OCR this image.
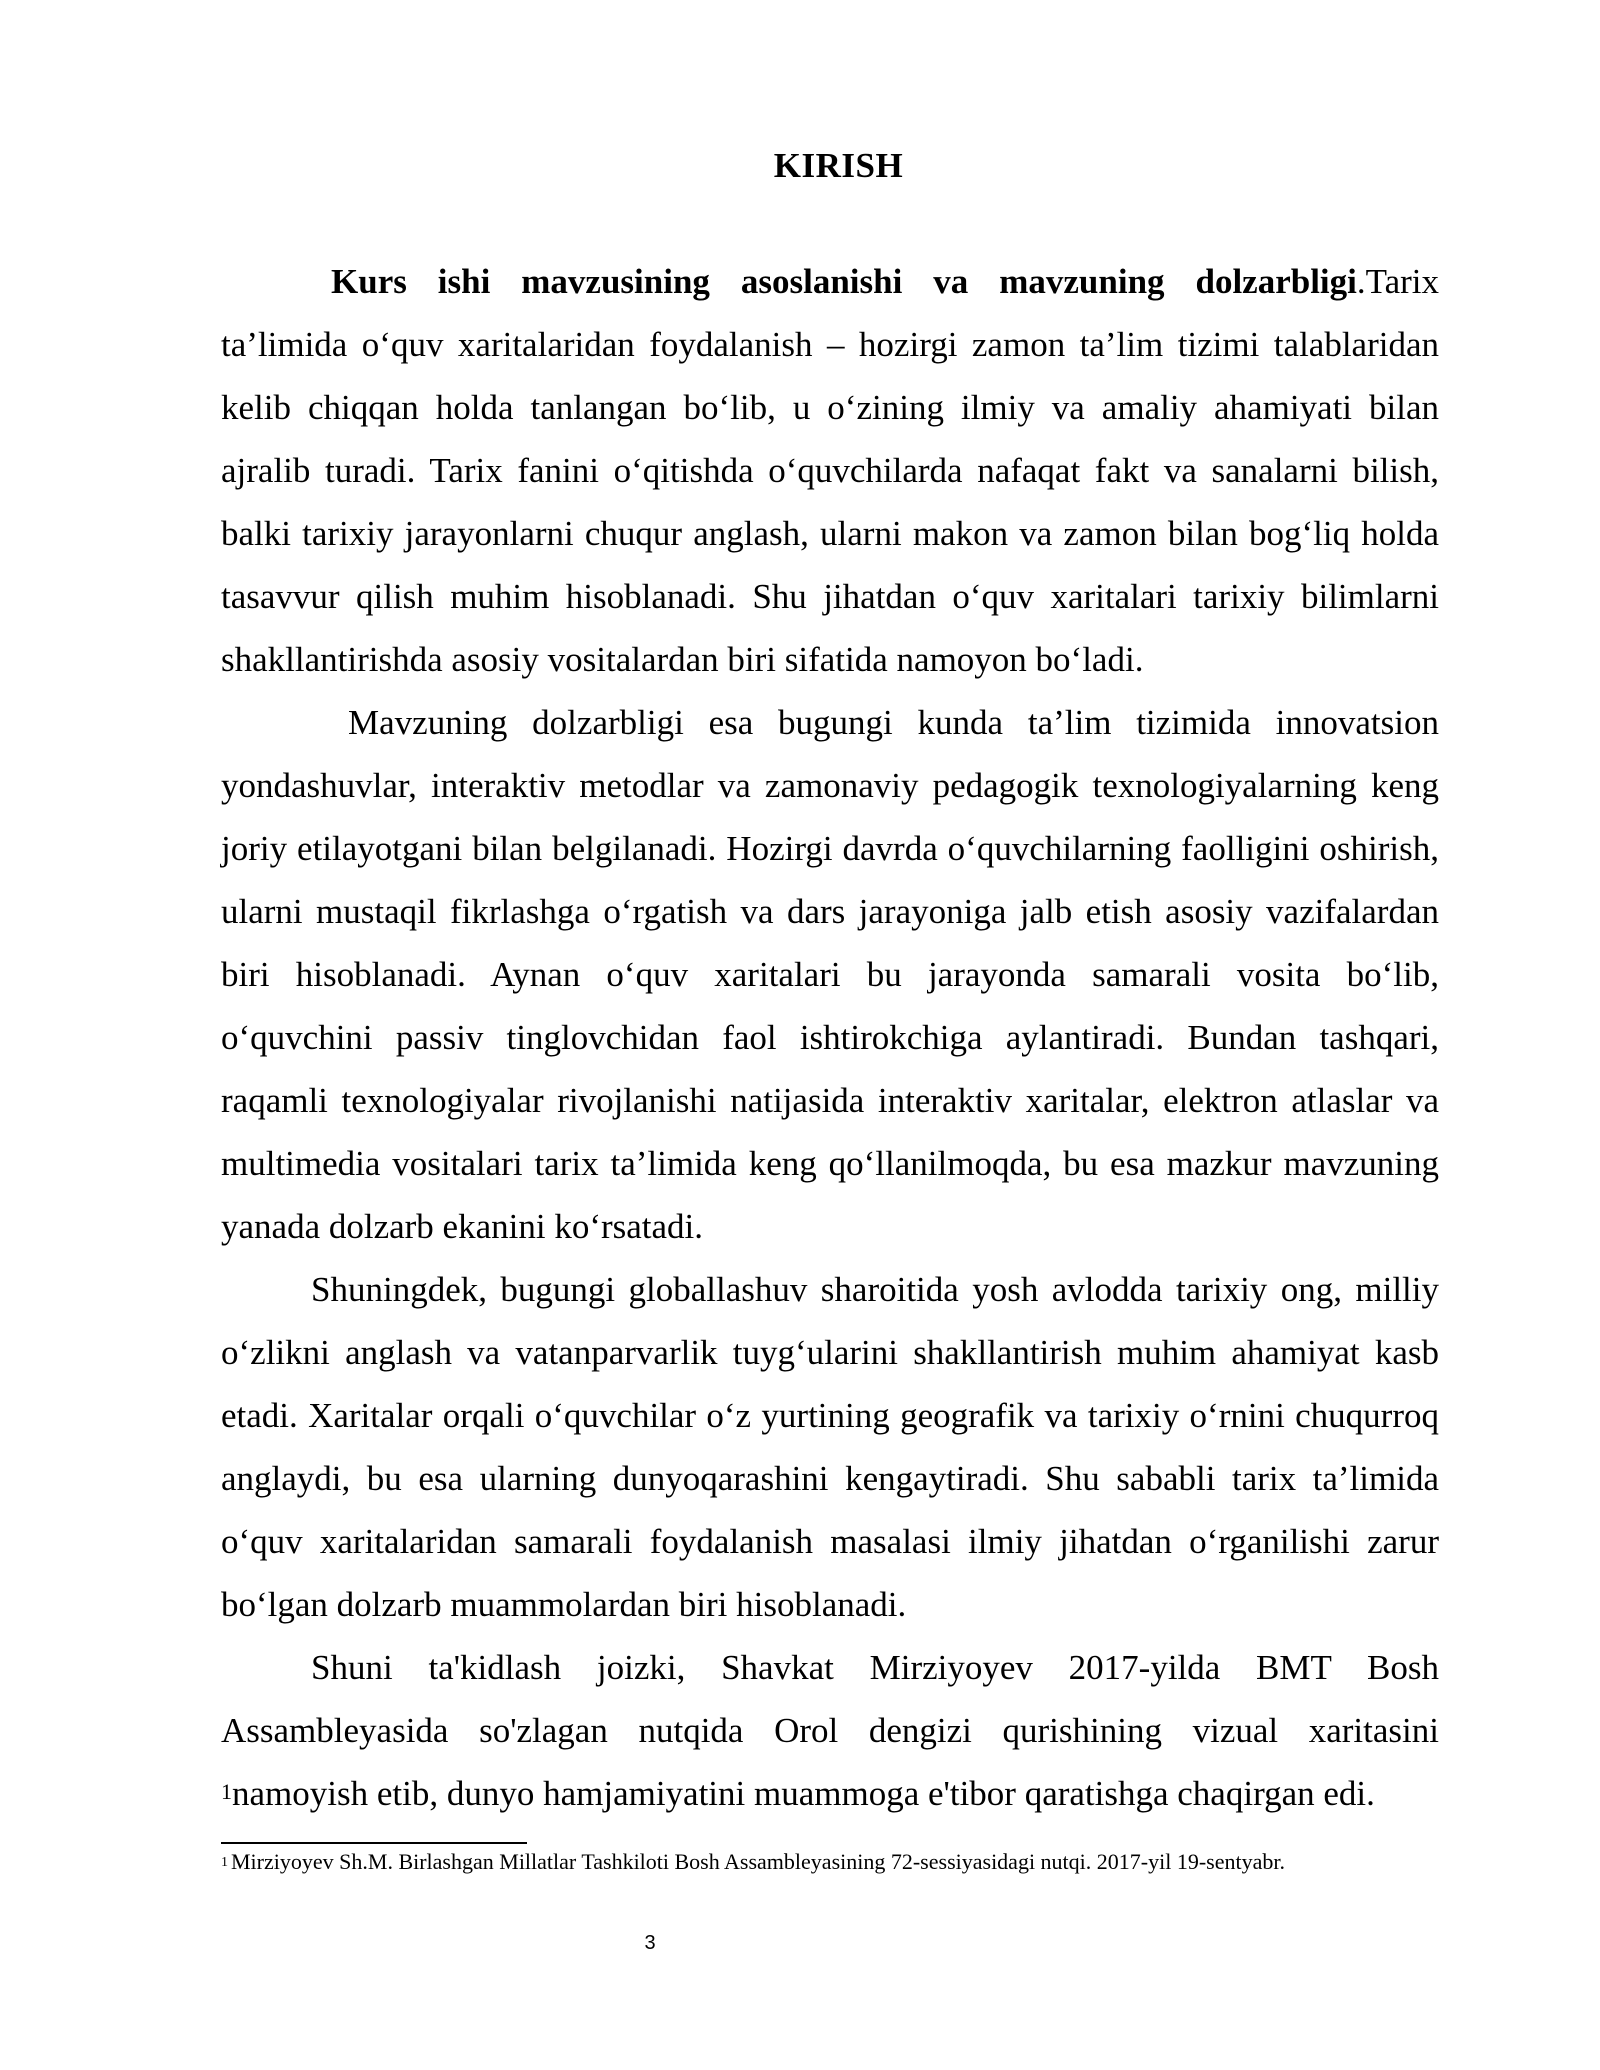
KIRISH

Kurs ishi mavzusining asoslanishi va mavzuning dolzarbligi.Tarix ta’limida o‘quv xaritalaridan foydalanish – hozirgi zamon ta’lim tizimi talablaridan kelib chiqqan holda tanlangan bo‘lib, u o‘zining ilmiy va amaliy ahamiyati bilan ajralib turadi. Tarix fanini o‘qitishda o‘quvchilarda nafaqat fakt va sanalarni bilish, balki tarixiy jarayonlarni chuqur anglash, ularni makon va zamon bilan bog‘liq holda tasavvur qilish muhim hisoblanadi. Shu jihatdan o‘quv xaritalari tarixiy bilimlarni shakllantirishda asosiy vositalardan biri sifatida namoyon bo‘ladi.

Mavzuning dolzarbligi esa bugungi kunda ta’lim tizimida innovatsion yondashuvlar, interaktiv metodlar va zamonaviy pedagogik texnologiyalarning keng joriy etilayotgani bilan belgilanadi. Hozirgi davrda o‘quvchilarning faolligini oshirish, ularni mustaqil fikrlashga o‘rgatish va dars jarayoniga jalb etish asosiy vazifalardan biri hisoblanadi. Aynan o‘quv xaritalari bu jarayonda samarali vosita bo‘lib, o‘quvchini passiv tinglovchidan faol ishtirokchiga aylantiradi. Bundan tashqari, raqamli texnologiyalar rivojlanishi natijasida interaktiv xaritalar, elektron atlaslar va multimedia vositalari tarix ta’limida keng qo‘llanilmoqda, bu esa mazkur mavzuning yanada dolzarb ekanini ko‘rsatadi.

Shuningdek, bugungi globallashuv sharoitida yosh avlodda tarixiy ong, milliy o‘zlikni anglash va vatanparvarlik tuyg‘ularini shakllantirish muhim ahamiyat kasb etadi. Xaritalar orqali o‘quvchilar o‘z yurtining geografik va tarixiy o‘rnini chuqurroq anglaydi, bu esa ularning dunyoqarashini kengaytiradi. Shu sababli tarix ta’limida o‘quv xaritalaridan samarali foydalanish masalasi ilmiy jihatdan o‘rganilishi zarur bo‘lgan dolzarb muammolardan biri hisoblanadi.

Shuni ta'kidlash joizki, Shavkat Mirziyoyev 2017-yilda BMT Bosh Assambleyasida so'zlagan nutqida Orol dengizi qurishining vizual xaritasini $^1$namoyish etib, dunyo hamjamiyatini muammoga e'tibor qaratishga chaqirgan edi.

$^1$ Mirziyoyev Sh.M. Birlashgan Millatlar Tashkiloti Bosh Assambleyasining 72-sessiyasidagi nutqi. 2017-yil 19-sentyabr.
3
